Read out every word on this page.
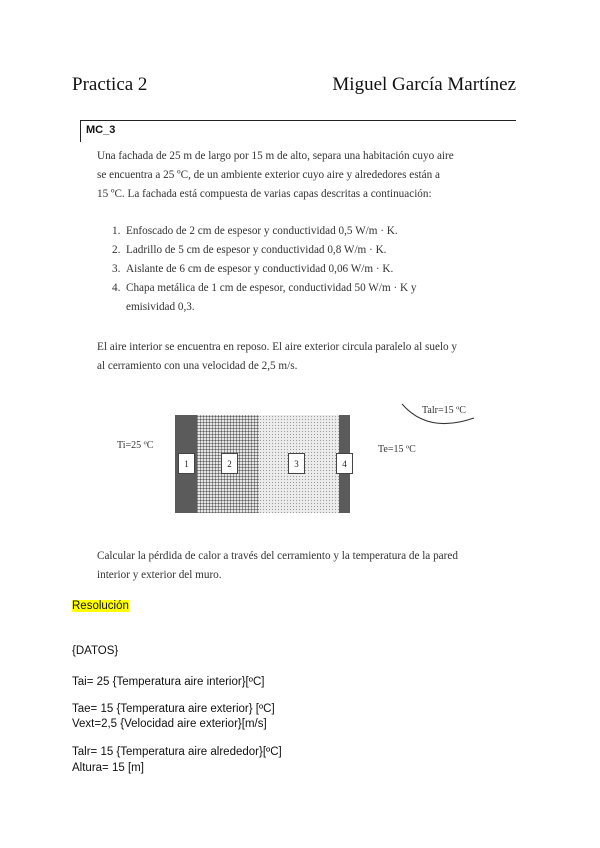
Practica 2	Miguel García Martínez
MC_3
Una fachada de 25 m de largo por 15 m de alto, separa una habitación cuyo aire
se encuentra a 25 ºC, de un ambiente exterior cuyo aire y alrededores están a
15 ºC. La fachada está compuesta de varias capas descritas a continuación:
1. Enfoscado de 2 cm de espesor y conductividad 0,5 W/m · K.
2. Ladrillo de 5 cm de espesor y conductividad 0,8 W/m · K.
3. Aislante de 6 cm de espesor y conductividad 0,06 W/m · K.
4. Chapa metálica de 1 cm de espesor, conductividad 50 W/m · K y
emisividad 0,3.
El aire interior se encuentra en reposo. El aire exterior circula paralelo al suelo y
al cerramiento con una velocidad de 2,5 m/s.
Ti=25 ºC
1	2	3	4
Te=15 ºC
Talr=15 ºC
Calcular la pérdida de calor a través del cerramiento y la temperatura de la pared
interior y exterior del muro.
Resolución
{DATOS}
Tai= 25 {Temperatura aire interior}[ºC]
Tae= 15 {Temperatura aire exterior} [ºC]
Vext=2,5 {Velocidad aire exterior}[m/s]
Talr= 15 {Temperatura aire alrededor}[ºC]
Altura= 15 [m]
